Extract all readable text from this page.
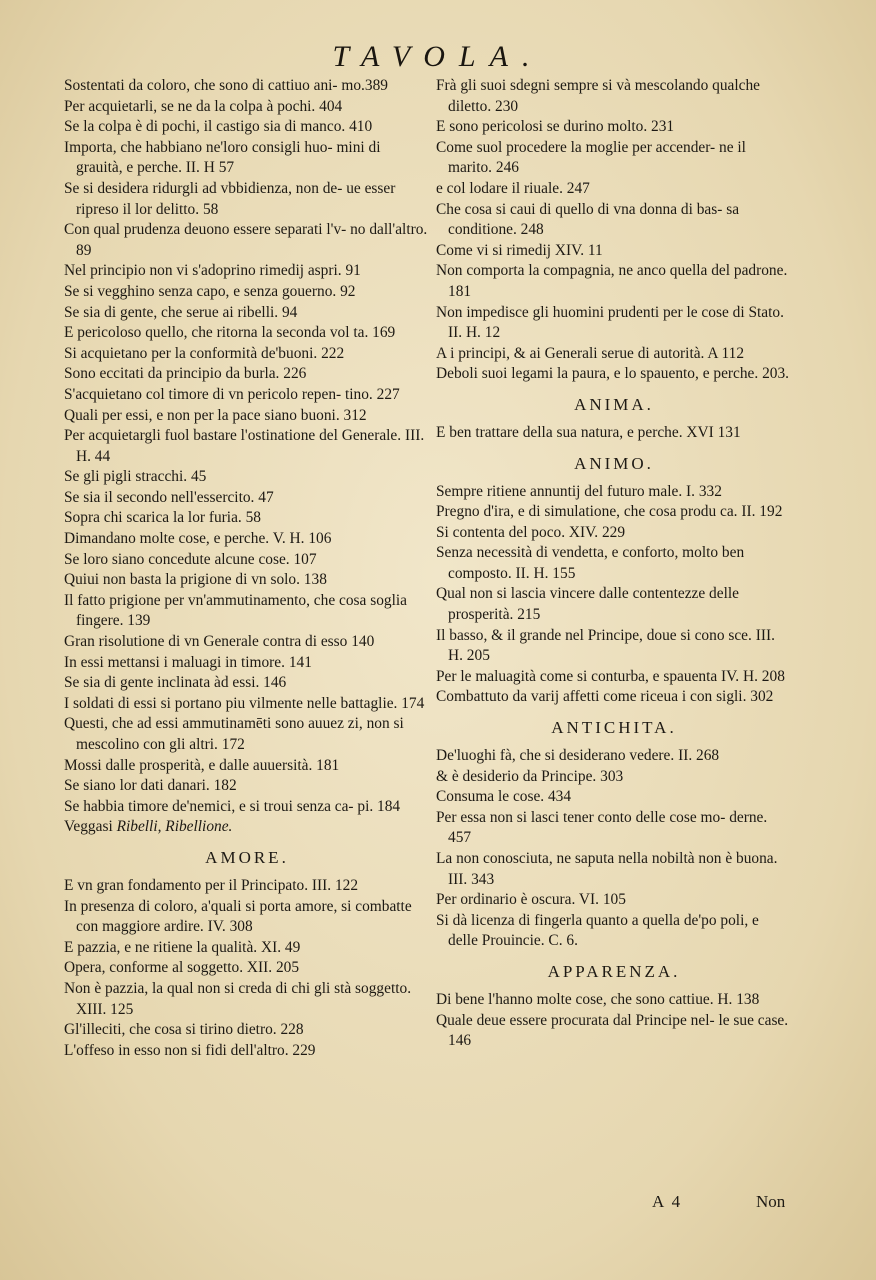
TAVOLA.

Sostentati da coloro, che sono di cattiuo ani- mo.389

Per acquietarli, se ne da la colpa à pochi. 404

Se la colpa è di pochi, il castigo sia di manco. 410

Importa, che habbiano ne'loro consigli huo- mini di grauità, e perche. II. H 57

Se si desidera ridurgli ad vbbidienza, non de- ue esser ripreso il lor delitto. 58

Con qual prudenza deuono essere separati l'v- no dall'altro. 89

Nel principio non vi s'adoprino rimedij aspri. 91

Se si vegghino senza capo, e senza gouerno. 92

Se sia di gente, che serue ai ribelli. 94

E pericoloso quello, che ritorna la seconda vol ta. 169

Si acquietano per la conformità de'buoni. 222

Sono eccitati da principio da burla. 226

S'acquietano col timore di vn pericolo repen- tino. 227

Quali per essi, e non per la pace siano buoni. 312

Per acquietargli fuol bastare l'ostinatione del Generale. III. H. 44

Se gli pigli stracchi. 45

Se sia il secondo nell'essercito. 47

Sopra chi scarica la lor furia. 58

Dimandano molte cose, e perche. V. H. 106

Se loro siano concedute alcune cose. 107

Quiui non basta la prigione di vn solo. 138

Il fatto prigione per vn'ammutinamento, che cosa soglia fingere. 139

Gran risolutione di vn Generale contra di esso 140

In essi mettansi i maluagi in timore. 141

Se sia di gente inclinata àd essi. 146

I soldati di essi si portano piu vilmente nelle battaglie. 174

Questi, che ad essi ammutinamēti sono auuez zi, non si mescolino con gli altri. 172

Mossi dalle prosperità, e dalle auuersità. 181

Se siano lor dati danari. 182

Se habbia timore de'nemici, e si troui senza ca- pi. 184

Veggasi Ribelli, Ribellione.

AMORE.

E vn gran fondamento per il Principato. III. 122

In presenza di coloro, a'quali si porta amore, si combatte con maggiore ardire. IV. 308

E pazzia, e ne ritiene la qualità. XI. 49

Opera, conforme al soggetto. XII. 205

Non è pazzia, la qual non si creda di chi gli stà soggetto. XIII. 125

Gl'illeciti, che cosa si tirino dietro. 228

L'offeso in esso non si fidi dell'altro. 229

Frà gli suoi sdegni sempre si và mescolando qualche diletto. 230

E sono pericolosi se durino molto. 231

Come suol procedere la moglie per accender- ne il marito. 246

e col lodare il riuale. 247

Che cosa si caui di quello di vna donna di bas- sa conditione. 248

Come vi si rimedij XIV. 11

Non comporta la compagnia, ne anco quella del padrone. 181

Non impedisce gli huomini prudenti per le cose di Stato. II. H. 12

A i principi, & ai Generali serue di autorità. A 112

Deboli suoi legami la paura, e lo spauento, e perche. 203.

ANIMA.

E ben trattare della sua natura, e perche. XVI 131

ANIMO.

Sempre ritiene annuntij del futuro male. I. 332

Pregno d'ira, e di simulatione, che cosa produ ca. II. 192

Si contenta del poco. XIV. 229

Senza necessità di vendetta, e conforto, molto ben composto. II. H. 155

Qual non si lascia vincere dalle contentezze delle prosperità. 215

Il basso, & il grande nel Principe, doue si cono sce. III. H. 205

Per le maluagità come si conturba, e spauenta IV. H. 208

Combattuto da varij affetti come riceua i con sigli. 302

ANTICHITA.

De'luoghi fà, che si desiderano vedere. II. 268

& è desiderio da Principe. 303

Consuma le cose. 434

Per essa non si lasci tener conto delle cose mo- derne. 457

La non conosciuta, ne saputa nella nobiltà non è buona. III. 343

Per ordinario è oscura. VI. 105

Si dà licenza di fingerla quanto a quella de'po poli, e delle Prouincie. C. 6.

APPARENZA.

Di bene l'hanno molte cose, che sono cattiue. H. 138

Quale deue essere procurata dal Principe nel- le sue case. 146

A 4	Non
